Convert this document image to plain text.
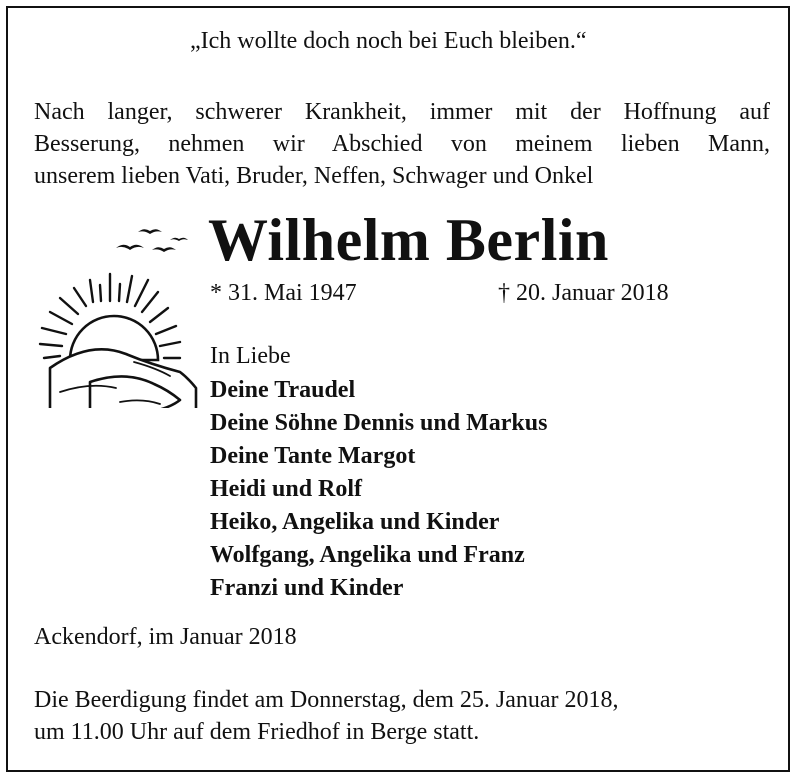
„Ich wollte doch noch bei Euch bleiben.“
Nach langer, schwerer Krankheit, immer mit der Hoffnung auf
Besserung, nehmen wir Abschied von meinem lieben Mann,
unserem lieben Vati, Bruder, Neffen, Schwager und Onkel
Wilhelm Berlin
* 31. Mai 1947	† 20. Januar 2018
In Liebe
Deine Traudel
Deine Söhne Dennis und Markus
Deine Tante Margot
Heidi und Rolf
Heiko, Angelika und Kinder
Wolfgang, Angelika und Franz
Franzi und Kinder
Ackendorf, im Januar 2018
Die Beerdigung findet am Donnerstag, dem 25. Januar 2018,
um 11.00 Uhr auf dem Friedhof in Berge statt.
